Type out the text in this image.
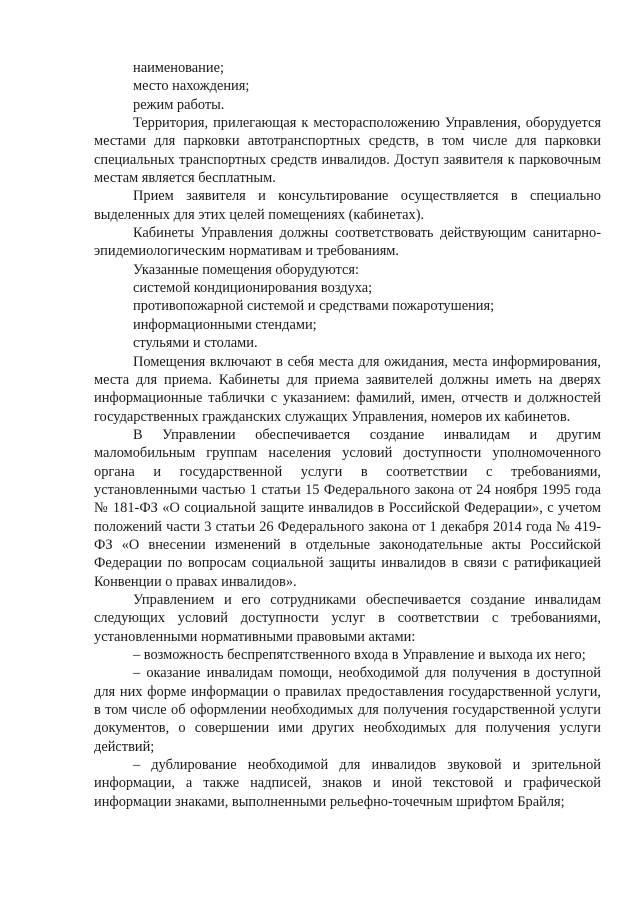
наименование;

место нахождения;

режим работы.

Территория, прилегающая к месторасположению Управления, оборудуется местами для парковки автотранспортных средств, в том числе для парковки специальных транспортных средств инвалидов. Доступ заявителя к парковочным местам является бесплатным.

Прием заявителя и консультирование осуществляется в специально выделенных для этих целей помещениях (кабинетах).

Кабинеты Управления должны соответствовать действующим санитарно-эпидемиологическим нормативам и требованиям.

Указанные помещения оборудуются:

системой кондиционирования воздуха;

противопожарной системой и средствами пожаротушения;

информационными стендами;

стульями и столами.

Помещения включают в себя места для ожидания, места информирования, места для приема. Кабинеты для приема заявителей должны иметь на дверях информационные таблички с указанием: фамилий, имен, отчеств и должностей государственных гражданских служащих Управления, номеров их кабинетов.

В Управлении обеспечивается создание инвалидам и другим маломобильным группам населения условий доступности уполномоченного органа и государственной услуги в соответствии с требованиями, установленными частью 1 статьи 15 Федерального закона от 24 ноября 1995 года № 181-ФЗ «О социальной защите инвалидов в Российской Федерации», с учетом положений части 3 статьи 26 Федерального закона от 1 декабря 2014 года № 419-ФЗ «О внесении изменений в отдельные законодательные акты Российской Федерации по вопросам социальной защиты инвалидов в связи с ратификацией Конвенции о правах инвалидов».

Управлением и его сотрудниками обеспечивается создание инвалидам следующих условий доступности услуг в соответствии с требованиями, установленными нормативными правовыми актами:

– возможность беспрепятственного входа в Управление и выхода их него;

– оказание инвалидам помощи, необходимой для получения в доступной для них форме информации о правилах предоставления государственной услуги, в том числе об оформлении необходимых для получения государственной услуги документов, о совершении ими других необходимых для получения услуги действий;

– дублирование необходимой для инвалидов звуковой и зрительной информации, а также надписей, знаков и иной текстовой и графической информации знаками, выполненными рельефно-точечным шрифтом Брайля;
